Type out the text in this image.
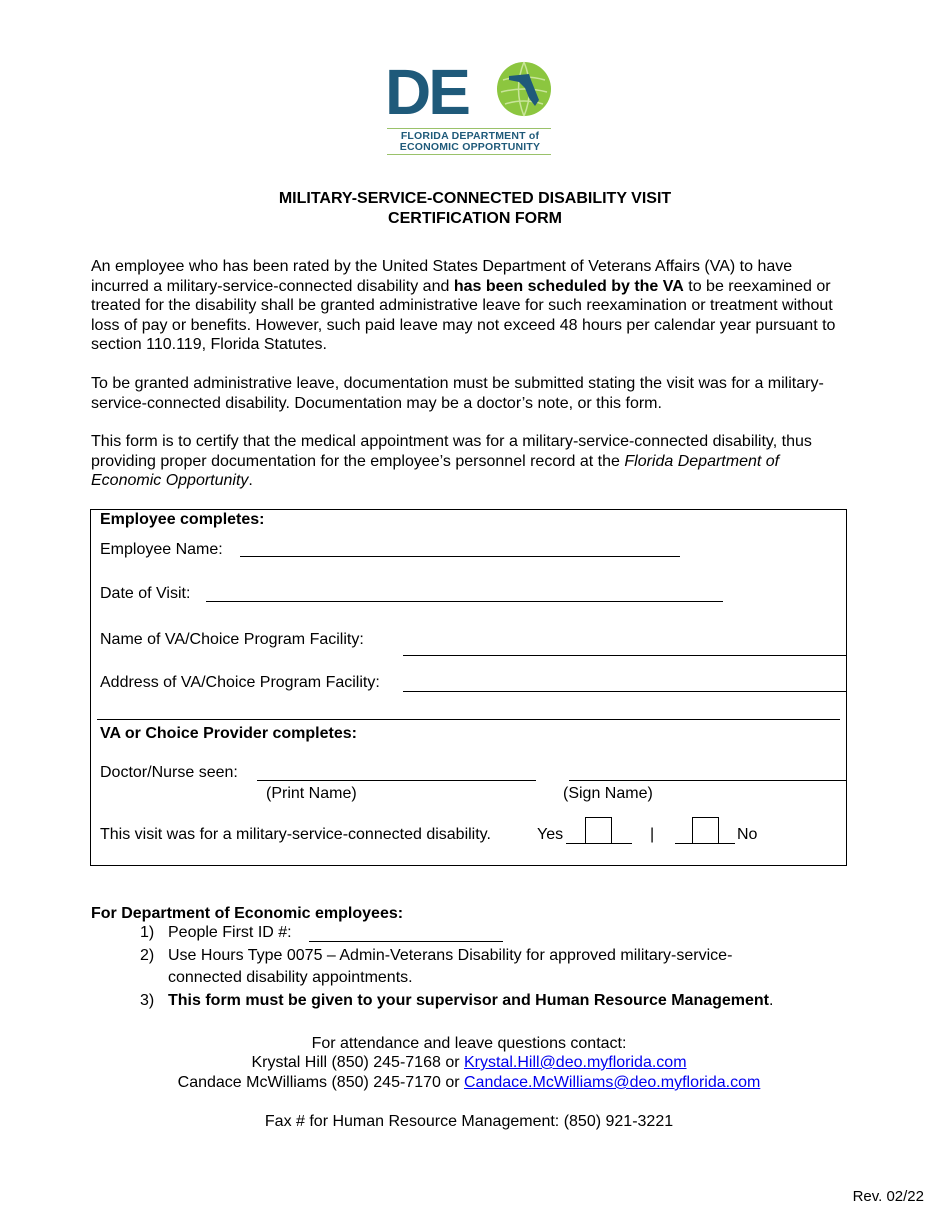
DE
FLORIDA DEPARTMENT of
ECONOMIC OPPORTUNITY
MILITARY-SERVICE-CONNECTED DISABILITY VISIT
CERTIFICATION FORM
An employee who has been rated by the United States Department of Veterans Affairs (VA) to have incurred a military-service-connected disability and has been scheduled by the VA to be reexamined or treated for the disability shall be granted administrative leave for such reexamination or treatment without loss of pay or benefits. However, such paid leave may not exceed 48 hours per calendar year pursuant to section 110.119, Florida Statutes.
To be granted administrative leave, documentation must be submitted stating the visit was for a military-service-connected disability. Documentation may be a doctor’s note, or this form.
This form is to certify that the medical appointment was for a military-service-connected disability, thus providing proper documentation for the employee’s personnel record at the Florida Department of Economic Opportunity.
Employee completes:
Employee Name:
Date of Visit:
Name of VA/Choice Program Facility:
Address of VA/Choice Program Facility:
VA or Choice Provider completes:
Doctor/Nurse seen:
(Print Name)	(Sign Name)
This visit was for a military-service-connected disability.	Yes	|	No
For Department of Economic employees:
1) People First ID #:
2) Use Hours Type 0075 – Admin-Veterans Disability for approved military-service-
connected disability appointments.
3) This form must be given to your supervisor and Human Resource Management.
For attendance and leave questions contact:
Krystal Hill (850) 245-7168 or Krystal.Hill@deo.myflorida.com
Candace McWilliams (850) 245-7170 or Candace.McWilliams@deo.myflorida.com
Fax # for Human Resource Management: (850) 921-3221
Rev. 02/22
